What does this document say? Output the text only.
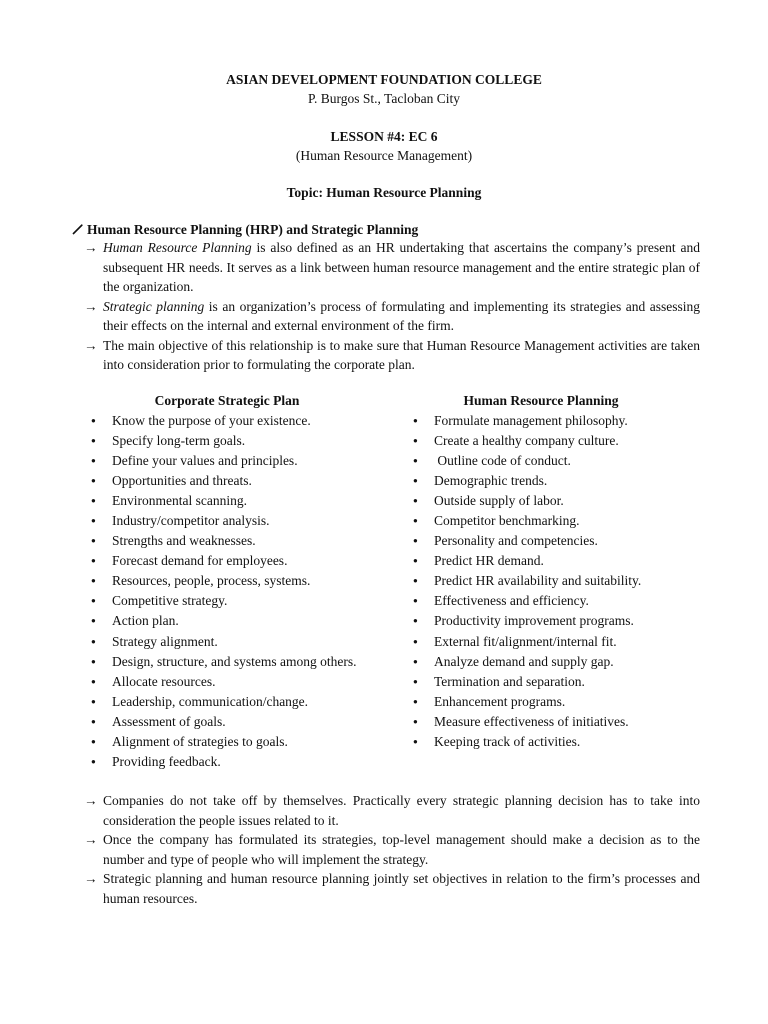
ASIAN DEVELOPMENT FOUNDATION COLLEGE
P. Burgos St., Tacloban City
LESSON #4: EC 6
(Human Resource Management)
Topic: Human Resource Planning
Human Resource Planning (HRP) and Strategic Planning
→ Human Resource Planning is also defined as an HR undertaking that ascertains the company’s present and subsequent HR needs. It serves as a link between human resource management and the entire strategic plan of the organization.
→ Strategic planning is an organization’s process of formulating and implementing its strategies and assessing their effects on the internal and external environment of the firm.
→ The main objective of this relationship is to make sure that Human Resource Management activities are taken into consideration prior to formulating the corporate plan.
Corporate Strategic Plan
●
Know the purpose of your existence.
●
Specify long-term goals.
●
Define your values and principles.
●
Opportunities and threats.
●
Environmental scanning.
●
Industry/competitor analysis.
●
Strengths and weaknesses.
●
Forecast demand for employees.
●
Resources, people, process, systems.
●
Competitive strategy.
●
Action plan.
●
Strategy alignment.
●
Design, structure, and systems among others.
●
Allocate resources.
●
Leadership, communication/change.
●
Assessment of goals.
●
Alignment of strategies to goals.
●
Providing feedback.
Human Resource Planning
●
Formulate management philosophy.
●
Create a healthy company culture.
●
Outline code of conduct.
●
Demographic trends.
●
Outside supply of labor.
●
Competitor benchmarking.
●
Personality and competencies.
●
Predict HR demand.
●
Predict HR availability and suitability.
●
Effectiveness and efficiency.
●
Productivity improvement programs.
●
External fit/alignment/internal fit.
●
Analyze demand and supply gap.
●
Termination and separation.
●
Enhancement programs.
●
Measure effectiveness of initiatives.
●
Keeping track of activities.
→ Companies do not take off by themselves. Practically every strategic planning decision has to take into consideration the people issues related to it.
→ Once the company has formulated its strategies, top-level management should make a decision as to the number and type of people who will implement the strategy.
→ Strategic planning and human resource planning jointly set objectives in relation to the firm’s processes and human resources.
